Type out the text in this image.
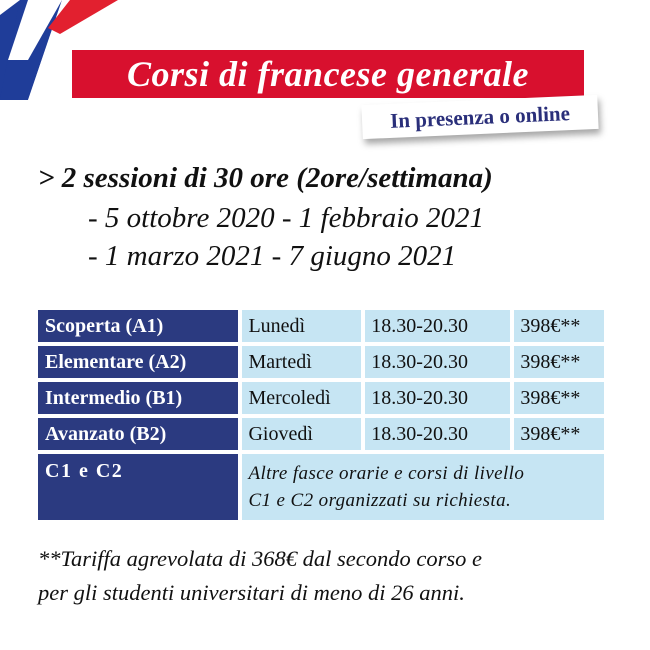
Corsi di francese generale
In presenza o online
> 2 sessioni di 30 ore (2ore/settimana)
- 5 ottobre 2020 - 1 febbraio 2021
- 1 marzo 2021 - 7 giugno 2021
Scoperta (A1)	Lunedì	18.30-20.30	398€**
Elementare (A2)	Martedì	18.30-20.30	398€**
Intermedio (B1)	Mercoledì	18.30-20.30	398€**
Avanzato (B2)	Giovedì	18.30-20.30	398€**
C1 e C2	Altre fasce orarie e corsi di livello
C1 e C2 organizzati su richiesta.		
**Tariffa agrevolata di 368€ dal secondo corso e
per gli studenti universitari di meno di 26 anni.
